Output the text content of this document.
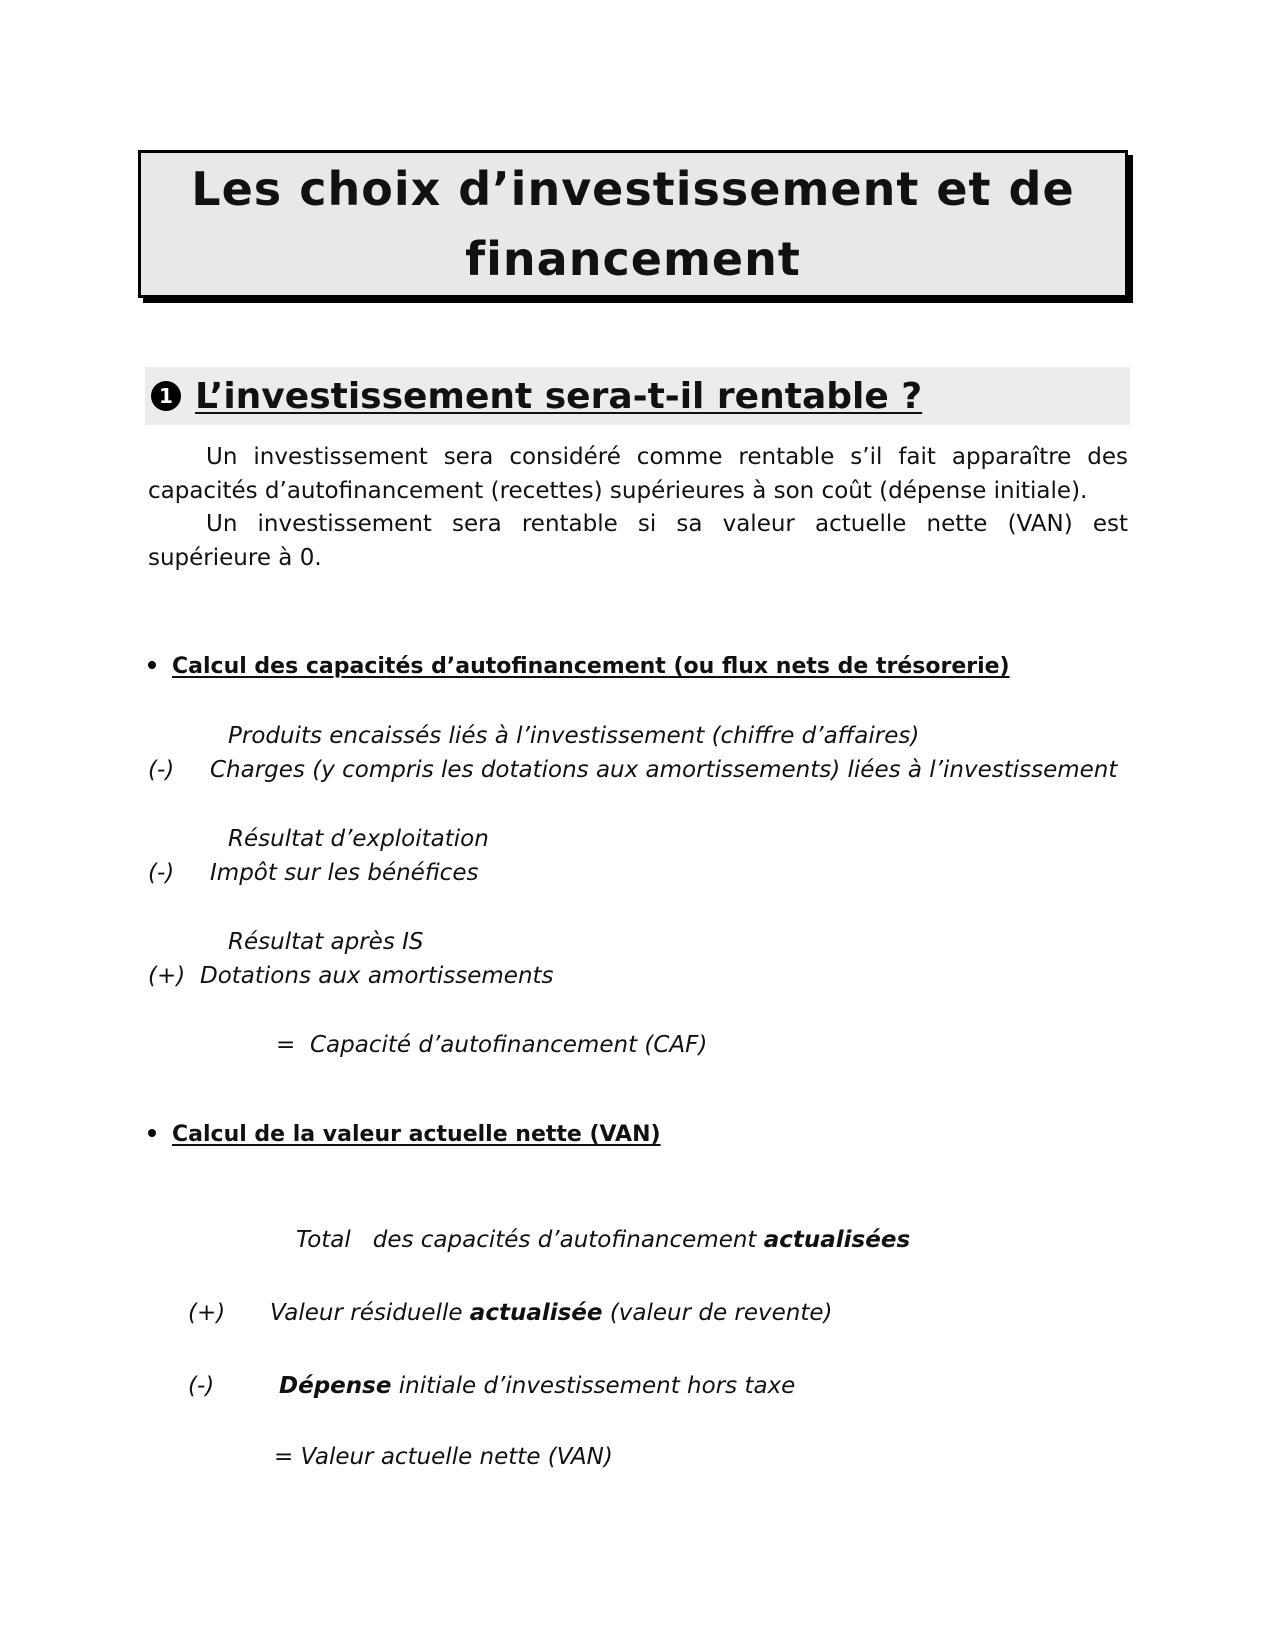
Les choix d’investissement et de
financement
1 L’investissement sera-t-il rentable ?

Un investissement sera considéré comme rentable s’il fait apparaître des capacités d’autofinancement (recettes) supérieures à son coût (dépense initiale).

Un investissement sera rentable si sa valeur actuelle nette (VAN) est supérieure à 0.

Calcul des capacités d’autofinancement (ou flux nets de trésorerie)
Produits encaissés liés à l’investissement (chiffre d’affaires)
(-) Charges (y compris les dotations aux amortissements) liées à l’investissement
Résultat d’exploitation
(-) Impôt sur les bénéfices
Résultat après IS
(+) Dotations aux amortissements
= Capacité d’autofinancement (CAF)
Calcul de la valeur actuelle nette (VAN)
Total des capacités d’autofinancement actualisées
(+) Valeur résiduelle actualisée (valeur de revente)
(-)	Dépense initiale d’investissement hors taxe
= Valeur actuelle nette (VAN)
